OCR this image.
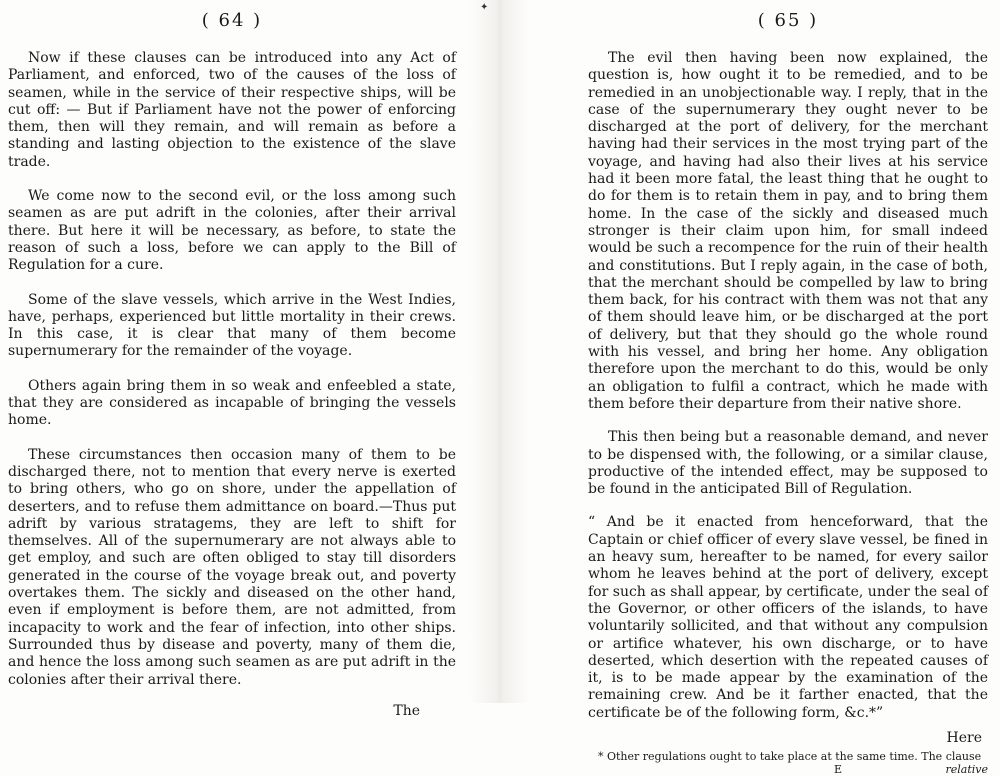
✦
( 64 )

Now if these clauses can be introduced into any Act of Parliament, and enforced, two of the causes of the loss of seamen, while in the service of their respective ships, will be cut off: — But if Parliament have not the power of enforcing them, then will they remain, and will remain as before a standing and lasting objection to the existence of the slave trade.

We come now to the second evil, or the loss among such seamen as are put adrift in the colonies, after their arrival there. But here it will be necessary, as before, to state the reason of such a loss, before we can apply to the Bill of Regulation for a cure.

Some of the slave vessels, which arrive in the West Indies, have, perhaps, experienced but little mortality in their crews. In this case, it is clear that many of them become supernumerary for the remainder of the voyage.

Others again bring them in so weak and enfeebled a state, that they are considered as incapable of bringing the vessels home.

These circumstances then occasion many of them to be discharged there, not to mention that every nerve is exerted to bring others, who go on shore, under the appellation of deserters, and to refuse them admittance on board.—Thus put adrift by various stratagems, they are left to shift for themselves. All of the supernumerary are not always able to get employ, and such are often obliged to stay till disorders generated in the course of the voyage break out, and poverty overtakes them. The sickly and diseased on the other hand, even if employment is before them, are not admitted, from incapacity to work and the fear of infection, into other ships. Surrounded thus by disease and poverty, many of them die, and hence the loss among such seamen as are put adrift in the colonies after their arrival there.

The
( 65 )

The evil then having been now explained, the question is, how ought it to be remedied, and to be remedied in an unobjectionable way. I reply, that in the case of the supernumerary they ought never to be discharged at the port of delivery, for the merchant having had their services in the most trying part of the voyage, and having had also their lives at his service had it been more fatal, the least thing that he ought to do for them is to retain them in pay, and to bring them home. In the case of the sickly and diseased much stronger is their claim upon him, for small indeed would be such a recompence for the ruin of their health and constitutions. But I reply again, in the case of both, that the merchant should be compelled by law to bring them back, for his contract with them was not that any of them should leave him, or be discharged at the port of delivery, but that they should go the whole round with his vessel, and bring her home. Any obligation therefore upon the merchant to do this, would be only an obligation to fulfil a contract, which he made with them before their departure from their native shore.

This then being but a reasonable demand, and never to be dispensed with, the following, or a similar clause, productive of the intended effect, may be supposed to be found in the anticipated Bill of Regulation.

“ And be it enacted from henceforward, that the Captain or chief officer of every slave vessel, be fined in an heavy sum, hereafter to be named, for every sailor whom he leaves behind at the port of delivery, except for such as shall appear, by certificate, under the seal of the Governor, or other officers of the islands, to have voluntarily sollicited, and that without any compulsion or artifice whatever, his own discharge, or to have deserted, which desertion with the repeated causes of it, is to be made appear by the examination of the remaining crew. And be it farther enacted, that the certificate be of the following form, &c.*”
Here
* Other regulations ought to take place at the same time. The clause
E	relative
